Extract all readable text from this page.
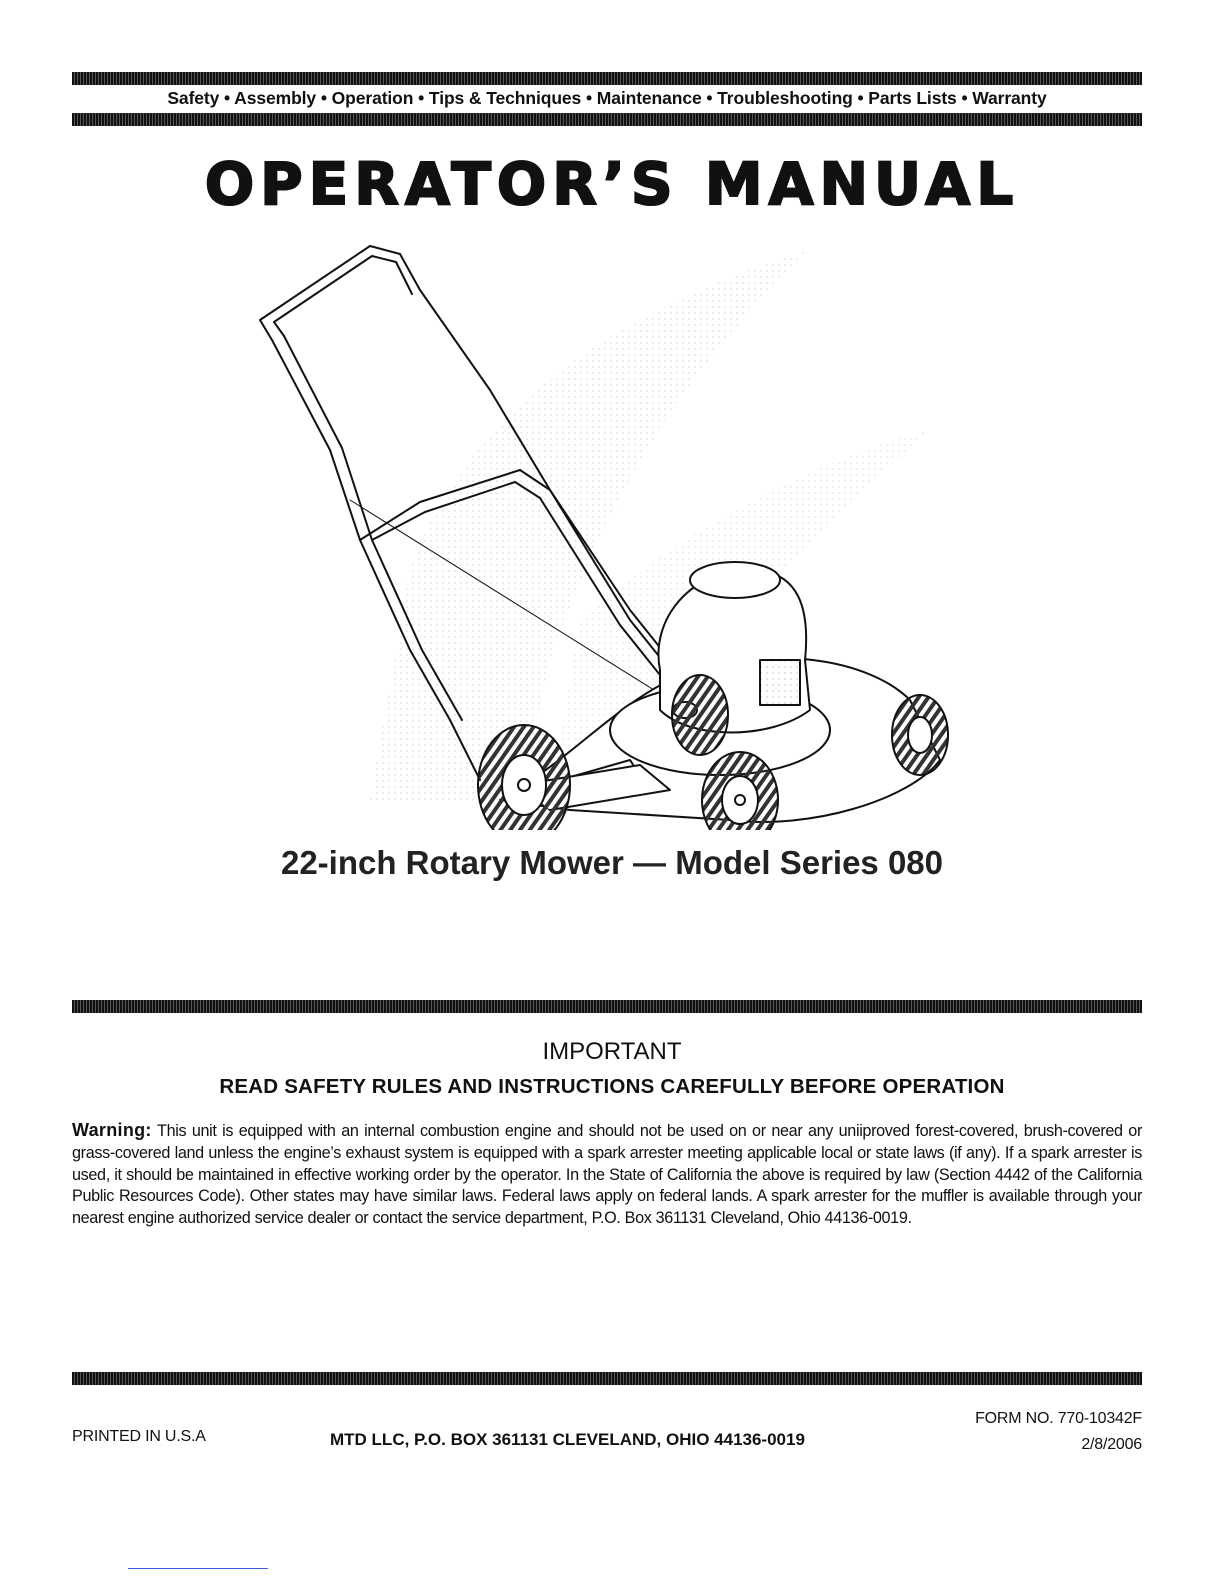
Safety • Assembly • Operation • Tips & Techniques • Maintenance • Troubleshooting • Parts Lists • Warranty
OPERATOR’S MANUAL
22-inch Rotary Mower — Model Series 080
IMPORTANT
READ SAFETY RULES AND INSTRUCTIONS CAREFULLY BEFORE OPERATION
Warning: This unit is equipped with an internal combustion engine and should not be used on or near any uniiproved forest-covered, brush-covered or grass-covered land unless the engine’s exhaust system is equipped with a spark arrester meeting applicable local or state laws (if any). If a spark arrester is used, it should be maintained in effective working order by the operator. In the State of California the above is required by law (Section 4442 of the California Public Resources Code). Other states may have similar laws. Federal laws apply on federal lands. A spark arrester for the muffler is available through your nearest engine authorized service dealer or contact the service department, P.O. Box 361131 Cleveland, Ohio 44136-0019.
PRINTED IN U.S.A	MTD LLC, P.O. BOX 361131 CLEVELAND, OHIO 44136-0019
FORM NO. 770-10342F
2/8/2006
